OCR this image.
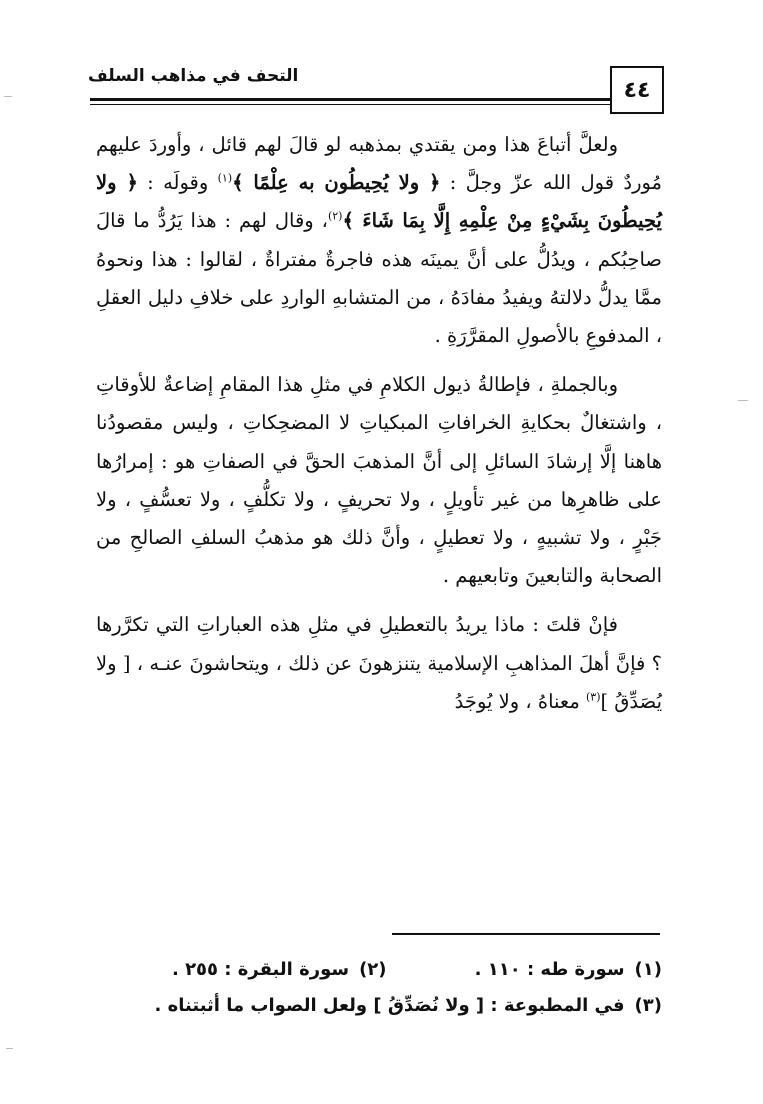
التحف في مذاهب السلف
٤٤

ولعلَّ أتباعَ هذا ومن يقتدي بمذهبه لو قالَ لهم قائل ، وأوردَ عليهم مُوردٌ قول الله عزّ وجلَّ : ﴿ ولا يُحِيطُون به عِلْمًا ﴾$^{(١)}$ وقولَه : ﴿ ولا يُحِيطُونَ بِشَيْءٍ مِنْ عِلْمِهِ إِلَّا بِمَا شَاءَ ﴾$^{(٢)}$، وقال لهم : هذا يَرُدُّ ما قالَ صاحِبُكم ، ويدُلُّ على أنَّ يمينَه هذه فاجرةٌ مفتراةٌ ، لقالوا : هذا ونحوهُ ممَّا يدلُّ دلالتهُ ويفيدُ مفادَهُ ، من المتشابهِ الواردِ على خلافِ دليل العقلِ ، المدفوعِ بالأصولِ المقرَّرَةِ .

وبالجملةِ ، فإطالةُ ذيول الكلامِ في مثلِ هذا المقامِ إضاعةٌ للأوقاتِ ، واشتغالٌ بحكايةِ الخرافاتِ المبكياتِ لا المضحِكاتِ ، وليس مقصودُنا هاهنا إلَّا إرشادَ السائلِ إلى أنَّ المذهبَ الحقَّ في الصفاتِ هو : إمرارُها على ظاهرِها من غير تأويلٍ ، ولا تحريفٍ ، ولا تكلُّفٍ ، ولا تعسُّفٍ ، ولا جَبْرٍ ، ولا تشبيهٍ ، ولا تعطيلٍ ، وأنَّ ذلك هو مذهبُ السلفِ الصالحِ من الصحابة والتابعينَ وتابعيهم .

فإنْ قلتَ : ماذا يريدُ بالتعطيلِ في مثلِ هذه العباراتِ التي تكرَّرها ؟ فإنَّ أهلَ المذاهبِ الإسلامية يتنزهونَ عن ذلك ، ويتحاشونَ عنـه ، [ ولا يُصَدِّقُ ]$^{(٣)}$ معناهُ ، ولا يُوجَدُ

(١)
سورة طه : ١١٠ .
(٢)
سورة البقرة : ٢٥٥ .
(٣)
في المطبوعة : [ ولا نُصَدِّقُ ] ولعل الصواب ما أثبتناه .
